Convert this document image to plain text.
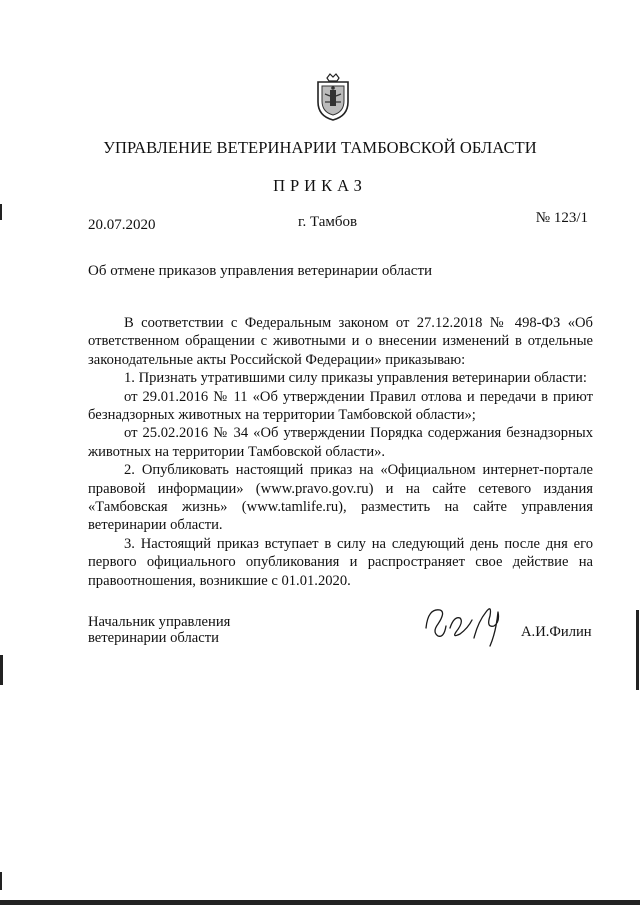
УПРАВЛЕНИЕ ВЕТЕРИНАРИИ ТАМБОВСКОЙ ОБЛАСТИ
ПРИКАЗ
20.07.2020	г. Тамбов	№ 123/1
Об отмене приказов управления ветеринарии области

В соответствии с Федеральным законом от 27.12.2018 № 498-ФЗ «Об ответственном обращении с животными и о внесении изменений в отдельные законодательные акты Российской Федерации» приказываю:

1. Признать утратившими силу приказы управления ветеринарии области:

от 29.01.2016 № 11 «Об утверждении Правил отлова и передачи в приют безнадзорных животных на территории Тамбовской области»;

от 25.02.2016 № 34 «Об утверждении Порядка содержания безнадзорных животных на территории Тамбовской области».

2. Опубликовать настоящий приказ на «Официальном интернет-портале правовой информации» (www.pravo.gov.ru) и на сайте сетевого издания «Тамбовская жизнь» (www.tamlife.ru), разместить на сайте управления ветеринарии области.

3. Настоящий приказ вступает в силу на следующий день после дня его первого официального опубликования и распространяет свое действие на правоотношения, возникшие с 01.01.2020.

Начальник управления
ветеринарии области	А.И.Филин
